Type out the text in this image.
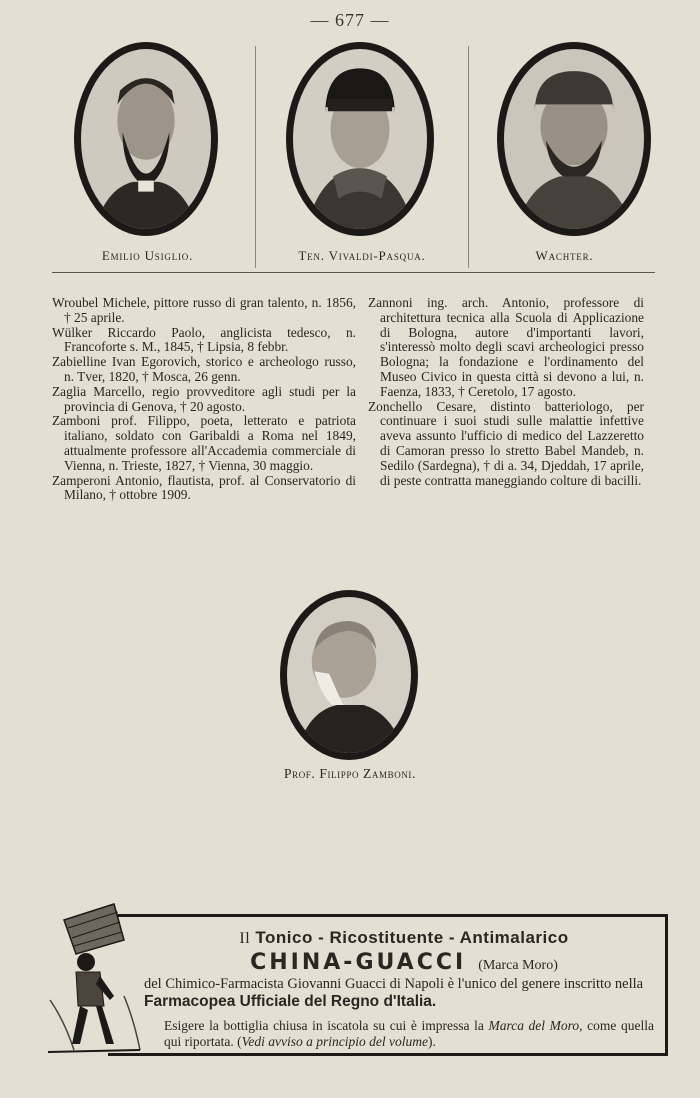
— 677 —
Emilio Usiglio.	Ten. Vivaldi-Pasqua.	Wachter.

Wroubel Michele, pittore russo di gran talento, n. 1856, † 25 aprile.

Wülker Riccardo Paolo, anglicista tedesco, n. Francoforte s. M., 1845, † Lipsia, 8 febbr.

Zabielline Ivan Egorovich, storico e archeologo russo, n. Tver, 1820, † Mosca, 26 genn.

Zaglia Marcello, regio provveditore agli studi per la provincia di Genova, † 20 agosto.

Zamboni prof. Filippo, poeta, letterato e patriota italiano, soldato con Garibaldi a Roma nel 1849, attualmente professore all'Accademia commerciale di Vienna, n. Trieste, 1827, † Vienna, 30 maggio.

Zamperoni Antonio, flautista, prof. al Conservatorio di Milano, † ottobre 1909.

Zannoni ing. arch. Antonio, professore di architettura tecnica alla Scuola di Applicazione di Bologna, autore d'importanti lavori, s'interessò molto degli scavi archeologici presso Bologna; la fondazione e l'ordinamento del Museo Civico in questa città si devono a lui, n. Faenza, 1833, † Ceretolo, 17 agosto.

Zonchello Cesare, distinto batteriologo, per continuare i suoi studi sulle malattie infettive aveva assunto l'ufficio di medico del Lazzeretto di Camoran presso lo stretto Babel Mandeb, n. Sedilo (Sardegna), † di a. 34, Djeddah, 17 aprile, di peste contratta maneggiando colture di bacilli.

Prof. Filippo Zamboni.
Il Tonico - Ricostituente - Antimalarico
CHINA-GUACCI (Marca Moro)
del Chimico-Farmacista Giovanni Guacci di Napoli è l'unico del genere inscritto nella Farmacopea Ufficiale del Regno d'Italia.
Esigere la bottiglia chiusa in iscatola su cui è impressa la Marca del Moro, come quella qui riportata. (Vedi avviso a principio del volume).
